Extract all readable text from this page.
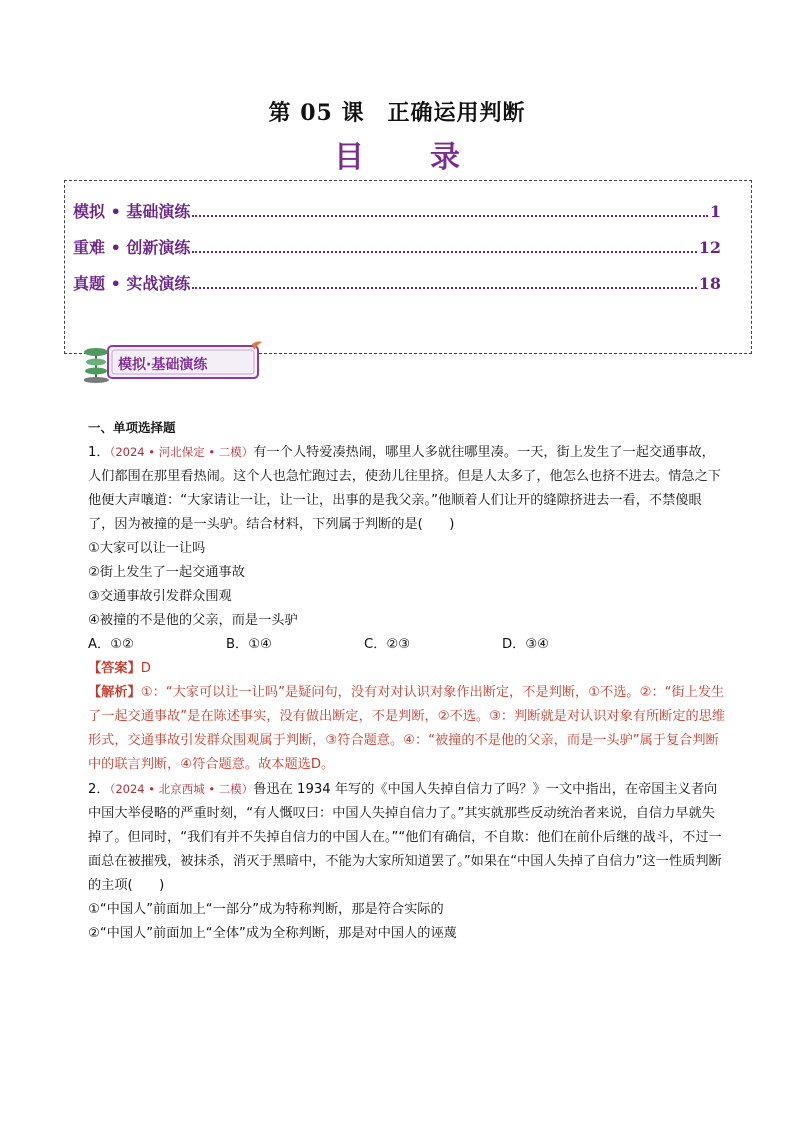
第 05 课　正确运用判断
目　录
模拟 • 基础演练	1
重难 • 创新演练	12
真题 • 实战演练	18
模拟·基础演练

一、单项选择题

1．（2024 • 河北保定 • 二模）有一个人特爱凑热闹，哪里人多就往哪里凑。一天，街上发生了一起交通事故，人们都围在那里看热闹。这个人也急忙跑过去，使劲儿往里挤。但是人太多了，他怎么也挤不进去。情急之下他便大声嚷道：“大家请让一让，让一让，出事的是我父亲。”他顺着人们让开的缝隙挤进去一看，不禁傻眼了，因为被撞的是一头驴。结合材料，下列属于判断的是(　　)

①大家可以让一让吗

②街上发生了一起交通事故

③交通事故引发群众围观

④被撞的不是他的父亲，而是一头驴

A．①②	B．①④	C．②③	D．③④

【答案】D

【解析】①：“大家可以让一让吗”是疑问句，没有对对认识对象作出断定，不是判断，①不选。②：“街上发生了一起交通事故”是在陈述事实，没有做出断定，不是判断，②不选。③：判断就是对认识对象有所断定的思维形式，交通事故引发群众围观属于判断，③符合题意。④：“被撞的不是他的父亲，而是一头驴”属于复合判断中的联言判断，④符合题意。故本题选D。

2．（2024 • 北京西城 • 二模）鲁迅在 1934 年写的《中国人失掉自信力了吗？》一文中指出，在帝国主义者向中国大举侵略的严重时刻，“有人慨叹曰：中国人失掉自信力了。”其实就那些反动统治者来说，自信力早就失掉了。但同时，“我们有并不失掉自信力的中国人在。”“他们有确信，不自欺：他们在前仆后继的战斗，不过一面总在被摧残，被抹杀，消灭于黑暗中，不能为大家所知道罢了。”如果在“中国人失掉了自信力”这一性质判断的主项(　　)

①“中国人”前面加上“一部分”成为特称判断，那是符合实际的

②“中国人”前面加上“全体”成为全称判断，那是对中国人的诬蔑
